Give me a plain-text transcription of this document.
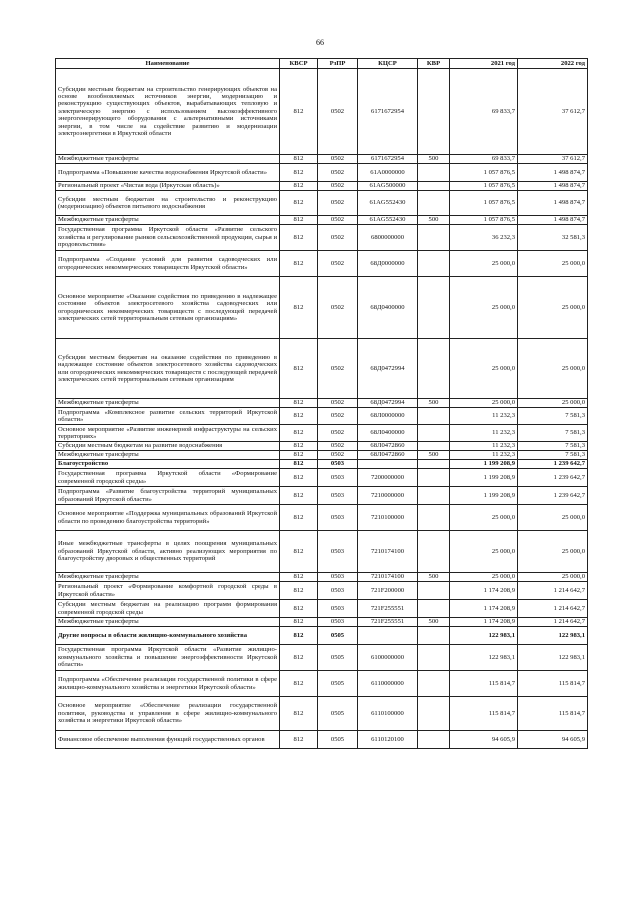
66
Наименование	КВСР	РзПР	КЦСР	КВР	2021 год	2022 год
Субсидии местным бюджетам на строительство генерирующих объектов на основе возобновляемых источников энергии, модернизацию и реконструкцию существующих объектов, вырабатывающих тепловую и электрическую энергию с использованием высокоэффективного энергогенерирующего оборудования с альтернативными источниками энергии, в том числе на содействие развитию и модернизации электроэнергетики в Иркутской области	812	0502	6171672954		69 833,7	37 612,7
Межбюджетные трансферты	812	0502	6171672954	500	69 833,7	37 612,7
Подпрограмма «Повышение качества водоснабжения Иркутской области»	812	0502	61А0000000		1 057 876,5	1 498 874,7
Региональный проект «Чистая вода (Иркутская область)»	812	0502	61АG500000		1 057 876,5	1 498 874,7
Субсидии местным бюджетам на строительство и реконструкцию (модернизацию) объектов питьевого водоснабжения	812	0502	61АG552430		1 057 876,5	1 498 874,7
Межбюджетные трансферты	812	0502	61АG552430	500	1 057 876,5	1 498 874,7
Государственная программа Иркутской области «Развитие сельского хозяйства и регулирование рынков сельскохозяйственной продукции, сырья и продовольствия»	812	0502	6800000000		36 232,3	32 581,3
Подпрограмма «Создание условий для развития садоводческих или огороднических некоммерческих товариществ Иркутской области»	812	0502	68Д0000000		25 000,0	25 000,0
Основное мероприятие «Оказание содействия по приведению в надлежащее состояние объектов электросетевого хозяйства садоводческих или огороднических некоммерческих товариществ с последующей передачей электрических сетей территориальным сетевым организациям»	812	0502	68Д0400000		25 000,0	25 000,0
Субсидии местным бюджетам на оказание содействия по приведению в надлежащее состояние объектов электросетевого хозяйства садоводческих или огороднических некоммерческих товариществ с последующей передачей электрических сетей территориальным сетевым организациям	812	0502	68Д0472994		25 000,0	25 000,0
Межбюджетные трансферты	812	0502	68Д0472994	500	25 000,0	25 000,0
Подпрограмма «Комплексное развитие сельских территорий Иркутской области»	812	0502	68Л0000000		11 232,3	7 581,3
Основное мероприятие «Развитие инженерной инфраструктуры на сельских территориях»	812	0502	68Л0400000		11 232,3	7 581,3
Субсидии местным бюджетам на развитие водоснабжения	812	0502	68Л0472860		11 232,3	7 581,3
Межбюджетные трансферты	812	0502	68Л0472860	500	11 232,3	7 581,3
Благоустройство	812	0503			1 199 208,9	1 239 642,7
Государственная программа Иркутской области «Формирование современной городской среды»	812	0503	7200000000		1 199 208,9	1 239 642,7
Подпрограмма «Развитие благоустройства территорий муниципальных образований Иркутской области»	812	0503	7210000000		1 199 208,9	1 239 642,7
Основное мероприятие «Поддержка муниципальных образований Иркутской области по проведению благоустройства территорий»	812	0503	7210100000		25 000,0	25 000,0
Иные межбюджетные трансферты в целях поощрения муниципальных образований Иркутской области, активно реализующих мероприятия по благоустройству дворовых и общественных территорий	812	0503	7210174100		25 000,0	25 000,0
Межбюджетные трансферты	812	0503	7210174100	500	25 000,0	25 000,0
Региональный проект «Формирование комфортной городской среды в Иркутской области»	812	0503	721F200000		1 174 208,9	1 214 642,7
Субсидии местным бюджетам на реализацию программ формирования современной городской среды	812	0503	721F255551		1 174 208,9	1 214 642,7
Межбюджетные трансферты	812	0503	721F255551	500	1 174 208,9	1 214 642,7
Другие вопросы в области жилищно-коммунального хозяйства	812	0505			122 983,1	122 983,1
Государственная программа Иркутской области «Развитие жилищно-коммунального хозяйства и повышение энергоэффективности Иркутской области»	812	0505	6100000000		122 983,1	122 983,1
Подпрограмма «Обеспечение реализации государственной политики в сфере жилищно-коммунального хозяйства и энергетики Иркутской области»	812	0505	6110000000		115 814,7	115 814,7
Основное мероприятие «Обеспечение реализации государственной политики, руководства и управления в сфере жилищно-коммунального хозяйства и энергетики Иркутской области»	812	0505	6110100000		115 814,7	115 814,7
Финансовое обеспечение выполнения функций государственных органов	812	0505	6110120100		94 605,9	94 605,9
